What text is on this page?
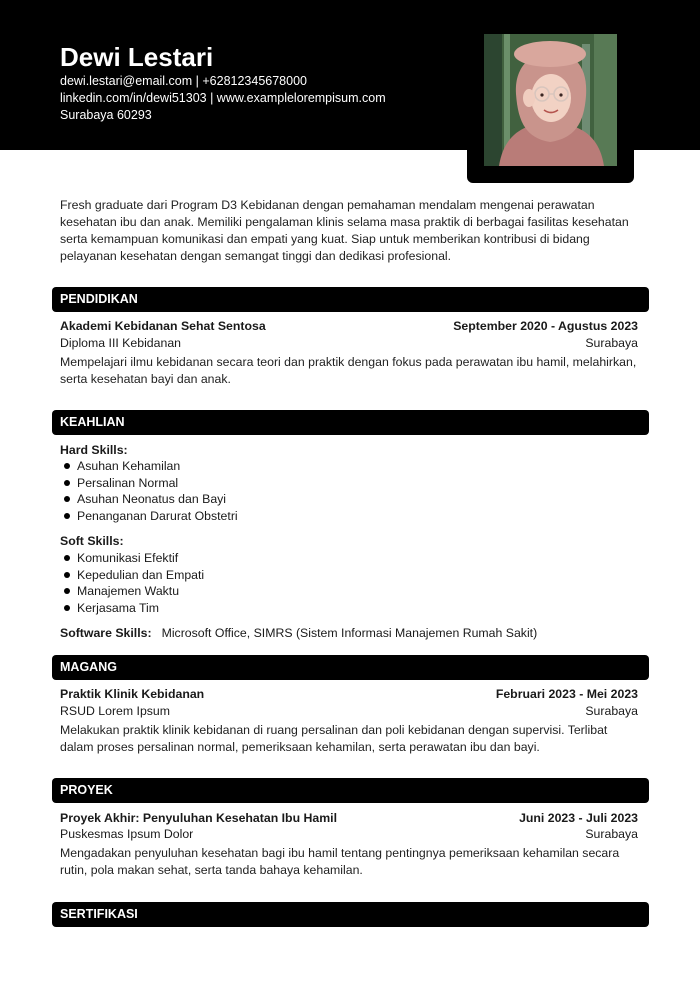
Dewi Lestari
dewi.lestari@email.com | +62812345678000
linkedin.com/in/dewi51303 | www.examplelorempisum.com
Surabaya 60293
Fresh graduate dari Program D3 Kebidanan dengan pemahaman mendalam mengenai perawatan kesehatan ibu dan anak. Memiliki pengalaman klinis selama masa praktik di berbagai fasilitas kesehatan serta kemampuan komunikasi dan empati yang kuat. Siap untuk memberikan kontribusi di bidang pelayanan kesehatan dengan semangat tinggi dan dedikasi profesional.
PENDIDIKAN
Akademi Kebidanan Sehat Sentosa	September 2020 - Agustus 2023
Diploma III Kebidanan	Surabaya
Mempelajari ilmu kebidanan secara teori dan praktik dengan fokus pada perawatan ibu hamil, melahirkan, serta kesehatan bayi dan anak.
KEAHLIAN
Hard Skills:
Asuhan Kehamilan
Persalinan Normal
Asuhan Neonatus dan Bayi
Penanganan Darurat Obstetri
Soft Skills:
Komunikasi Efektif
Kepedulian dan Empati
Manajemen Waktu
Kerjasama Tim
Software Skills: Microsoft Office, SIMRS (Sistem Informasi Manajemen Rumah Sakit)
MAGANG
Praktik Klinik Kebidanan	Februari 2023 - Mei 2023
RSUD Lorem Ipsum	Surabaya
Melakukan praktik klinik kebidanan di ruang persalinan dan poli kebidanan dengan supervisi. Terlibat dalam proses persalinan normal, pemeriksaan kehamilan, serta perawatan ibu dan bayi.
PROYEK
Proyek Akhir: Penyuluhan Kesehatan Ibu Hamil	Juni 2023 - Juli 2023
Puskesmas Ipsum Dolor	Surabaya
Mengadakan penyuluhan kesehatan bagi ibu hamil tentang pentingnya pemeriksaan kehamilan secara rutin, pola makan sehat, serta tanda bahaya kehamilan.
SERTIFIKASI
